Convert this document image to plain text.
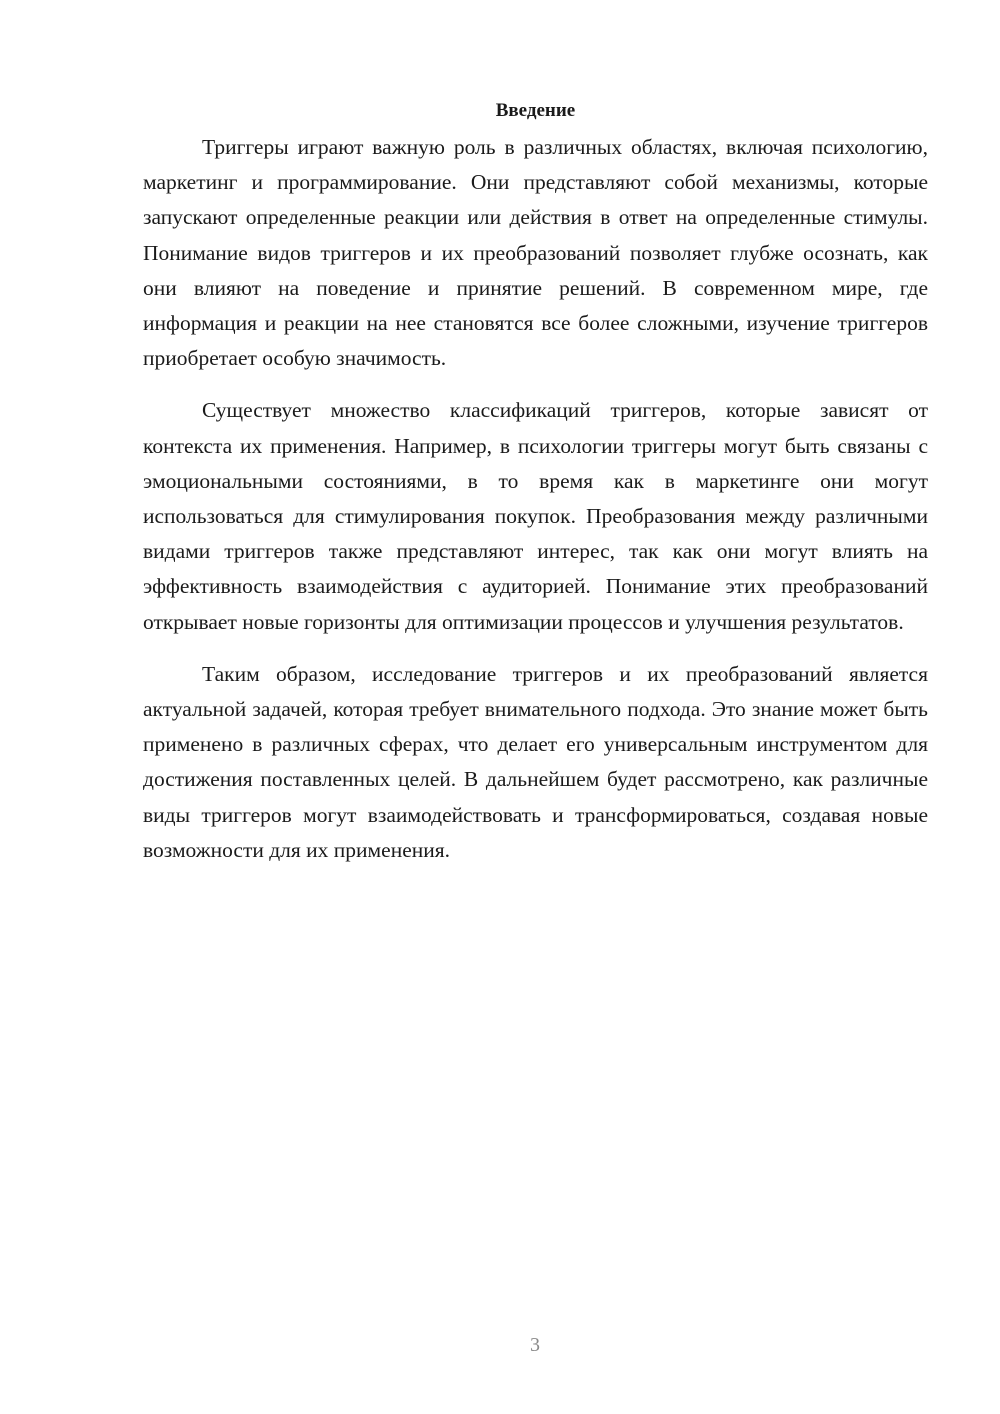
Введение

Триггеры играют важную роль в различных областях, включая психологию, маркетинг и программирование. Они представляют собой механизмы, которые запускают определенные реакции или действия в ответ на определенные стимулы. Понимание видов триггеров и их преобразований позволяет глубже осознать, как они влияют на поведение и принятие решений. В современном мире, где информация и реакции на нее становятся все более сложными, изучение триггеров приобретает особую значимость.

Существует множество классификаций триггеров, которые зависят от контекста их применения. Например, в психологии триггеры могут быть связаны с эмоциональными состояниями, в то время как в маркетинге они могут использоваться для стимулирования покупок. Преобразования между различными видами триггеров также представляют интерес, так как они могут влиять на эффективность взаимодействия с аудиторией. Понимание этих преобразований открывает новые горизонты для оптимизации процессов и улучшения результатов.

Таким образом, исследование триггеров и их преобразований является актуальной задачей, которая требует внимательного подхода. Это знание может быть применено в различных сферах, что делает его универсальным инструментом для достижения поставленных целей. В дальнейшем будет рассмотрено, как различные виды триггеров могут взаимодействовать и трансформироваться, создавая новые возможности для их применения.

3
